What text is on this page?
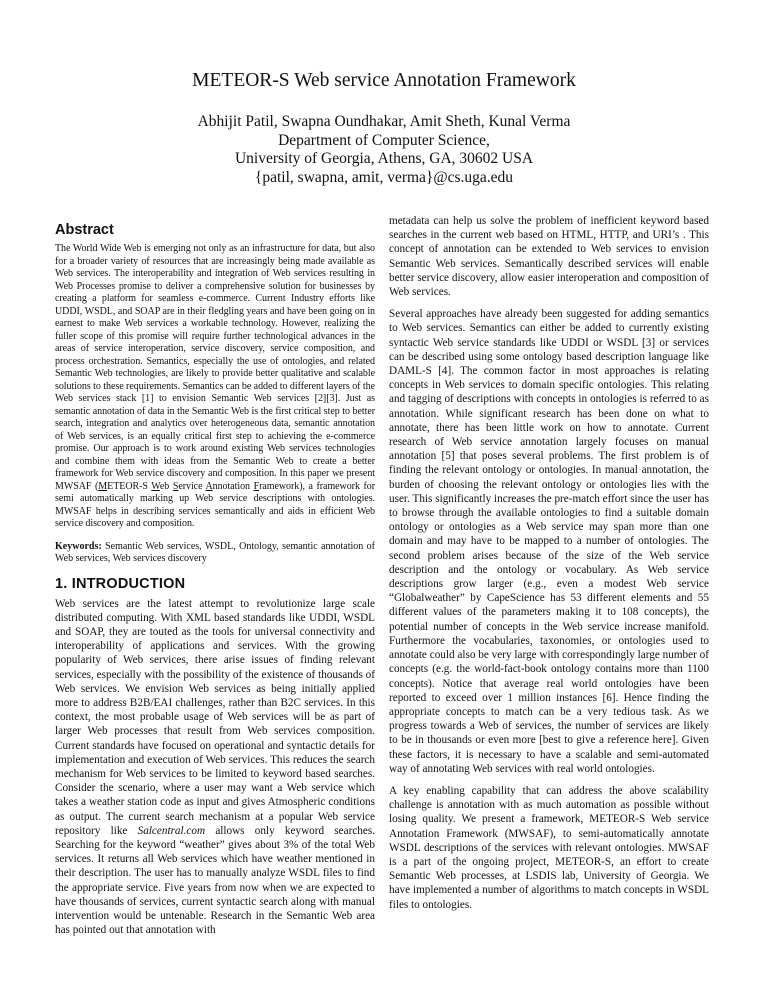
METEOR-S Web service Annotation Framework
Abhijit Patil, Swapna Oundhakar, Amit Sheth, Kunal Verma
Department of Computer Science,
University of Georgia, Athens, GA, 30602 USA
{patil, swapna, amit, verma}@cs.uga.edu
Abstract

The World Wide Web is emerging not only as an infrastructure for data, but also for a broader variety of resources that are increasingly being made available as Web services. The interoperability and integration of Web services resulting in Web Processes promise to deliver a comprehensive solution for businesses by creating a platform for seamless e-commerce. Current Industry efforts like UDDI, WSDL, and SOAP are in their fledgling years and have been going on in earnest to make Web services a workable technology. However, realizing the fuller scope of this promise will require further technological advances in the areas of service interoperation, service discovery, service composition, and process orchestration. Semantics, especially the use of ontologies, and related Semantic Web technologies, are likely to provide better qualitative and scalable solutions to these requirements. Semantics can be added to different layers of the Web services stack [1] to envision Semantic Web services [2][3]. Just as semantic annotation of data in the Semantic Web is the first critical step to better search, integration and analytics over heterogeneous data, semantic annotation of Web services, is an equally critical first step to achieving the e-commerce promise. Our approach is to work around existing Web services technologies and combine them with ideas from the Semantic Web to create a better framework for Web service discovery and composition. In this paper we present MWSAF (METEOR-S Web Service Annotation Framework), a framework for semi automatically marking up Web service descriptions with ontologies. MWSAF helps in describing services semantically and aids in efficient Web service discovery and composition.

Keywords: Semantic Web services, WSDL, Ontology, semantic annotation of Web services, Web services discovery

1. INTRODUCTION

Web services are the latest attempt to revolutionize large scale distributed computing. With XML based standards like UDDI, WSDL and SOAP, they are touted as the tools for universal connectivity and interoperability of applications and services. With the growing popularity of Web services, there arise issues of finding relevant services, especially with the possibility of the existence of thousands of Web services. We envision Web services as being initially applied more to address B2B/EAI challenges, rather than B2C services. In this context, the most probable usage of Web services will be as part of larger Web processes that result from Web services composition. Current standards have focused on operational and syntactic details for implementation and execution of Web services. This reduces the search mechanism for Web services to be limited to keyword based searches. Consider the scenario, where a user may want a Web service which takes a weather station code as input and gives Atmospheric conditions as output. The current search mechanism at a popular Web service repository like Salcentral.com allows only keyword searches. Searching for the keyword “weather” gives about 3% of the total Web services. It returns all Web services which have weather mentioned in their description. The user has to manually analyze WSDL files to find the appropriate service. Five years from now when we are expected to have thousands of services, current syntactic search along with manual intervention would be untenable. Research in the Semantic Web area has pointed out that annotation with

metadata can help us solve the problem of inefficient keyword based searches in the current web based on HTML, HTTP, and URI’s . This concept of annotation can be extended to Web services to envision Semantic Web services. Semantically described services will enable better service discovery, allow easier interoperation and composition of Web services.

Several approaches have already been suggested for adding semantics to Web services. Semantics can either be added to currently existing syntactic Web service standards like UDDI or WSDL [3] or services can be described using some ontology based description language like DAML-S [4]. The common factor in most approaches is relating concepts in Web services to domain specific ontologies. This relating and tagging of descriptions with concepts in ontologies is referred to as annotation. While significant research has been done on what to annotate, there has been little work on how to annotate. Current research of Web service annotation largely focuses on manual annotation [5] that poses several problems. The first problem is of finding the relevant ontology or ontologies. In manual annotation, the burden of choosing the relevant ontology or ontologies lies with the user. This significantly increases the pre-match effort since the user has to browse through the available ontologies to find a suitable domain ontology or ontologies as a Web service may span more than one domain and may have to be mapped to a number of ontologies. The second problem arises because of the size of the Web service description and the ontology or vocabulary. As Web service descriptions grow larger (e.g., even a modest Web service “Globalweather” by CapeScience has 53 different elements and 55 different values of the parameters making it to 108 concepts), the potential number of concepts in the Web service increase manifold. Furthermore the vocabularies, taxonomies, or ontologies used to annotate could also be very large with correspondingly large number of concepts (e.g. the world-fact-book ontology contains more than 1100 concepts). Notice that average real world ontologies have been reported to exceed over 1 million instances [6]. Hence finding the appropriate concepts to match can be a very tedious task. As we progress towards a Web of services, the number of services are likely to be in thousands or even more [best to give a reference here]. Given these factors, it is necessary to have a scalable and semi-automated way of annotating Web services with real world ontologies.

A key enabling capability that can address the above scalability challenge is annotation with as much automation as possible without losing quality. We present a framework, METEOR-S Web service Annotation Framework (MWSAF), to semi-automatically annotate WSDL descriptions of the services with relevant ontologies. MWSAF is a part of the ongoing project, METEOR-S, an effort to create Semantic Web processes, at LSDIS lab, University of Georgia. We have implemented a number of algorithms to match concepts in WSDL files to ontologies.
